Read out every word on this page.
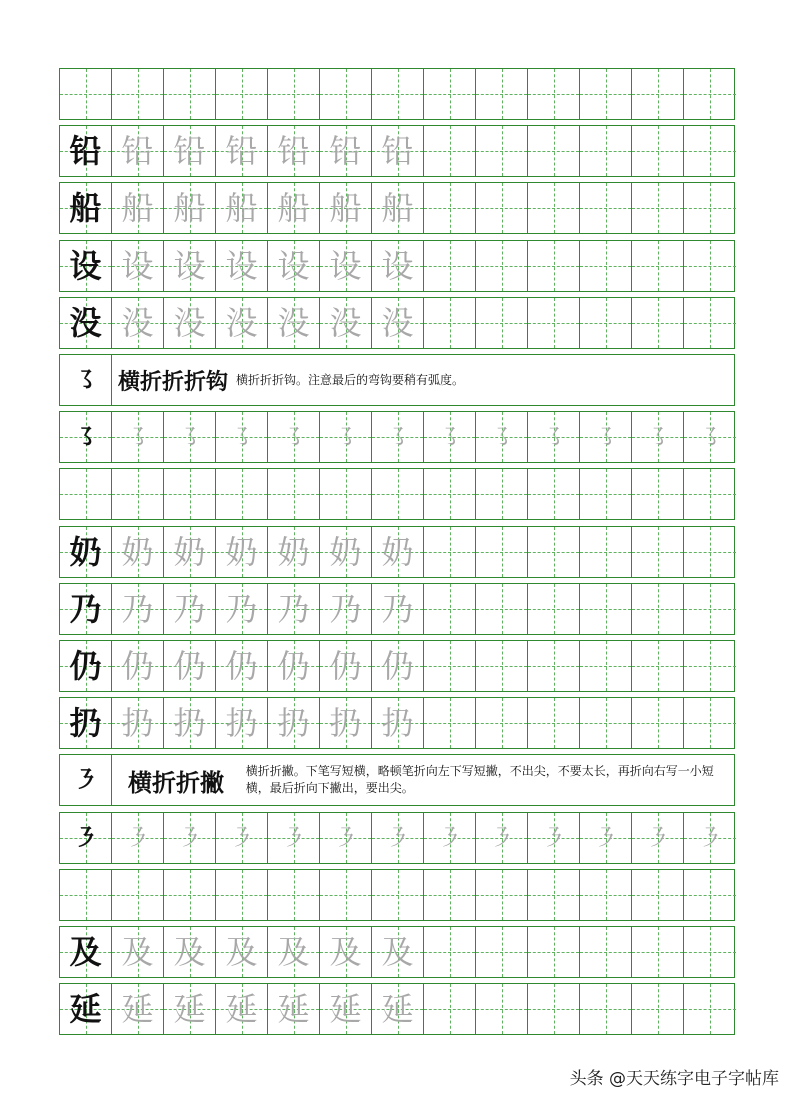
铅 铅 铅 铅 铅 铅 铅
船 船 船 船 船 船 船
设 设 设 设 设 设 设
没 没 没 没 没 没 没
㇌ 横折折折钩 横折折折钩。注意最后的弯钩要稍有弧度。
㇌ ㇌ ㇌ ㇌ ㇌ ㇌ ㇌ ㇌ ㇌ ㇌ ㇌ ㇌ ㇌
奶 奶 奶 奶 奶 奶 奶
乃 乃 乃 乃 乃 乃 乃
仍 仍 仍 仍 仍 仍 仍
扔 扔 扔 扔 扔 扔 扔
㇋	横折折撇	横折折撇。下笔写短横，略顿笔折向左下写短撇，不出尖，不要太长，再折向右写一小短横，最后折向下撇出，要出尖。
㇋ ㇋ ㇋ ㇋ ㇋ ㇋ ㇋ ㇋ ㇋ ㇋ ㇋ ㇋ ㇋
及 及 及 及 及 及 及
延 延 延 延 延 延 延
头条 @天天练字电子字帖库
